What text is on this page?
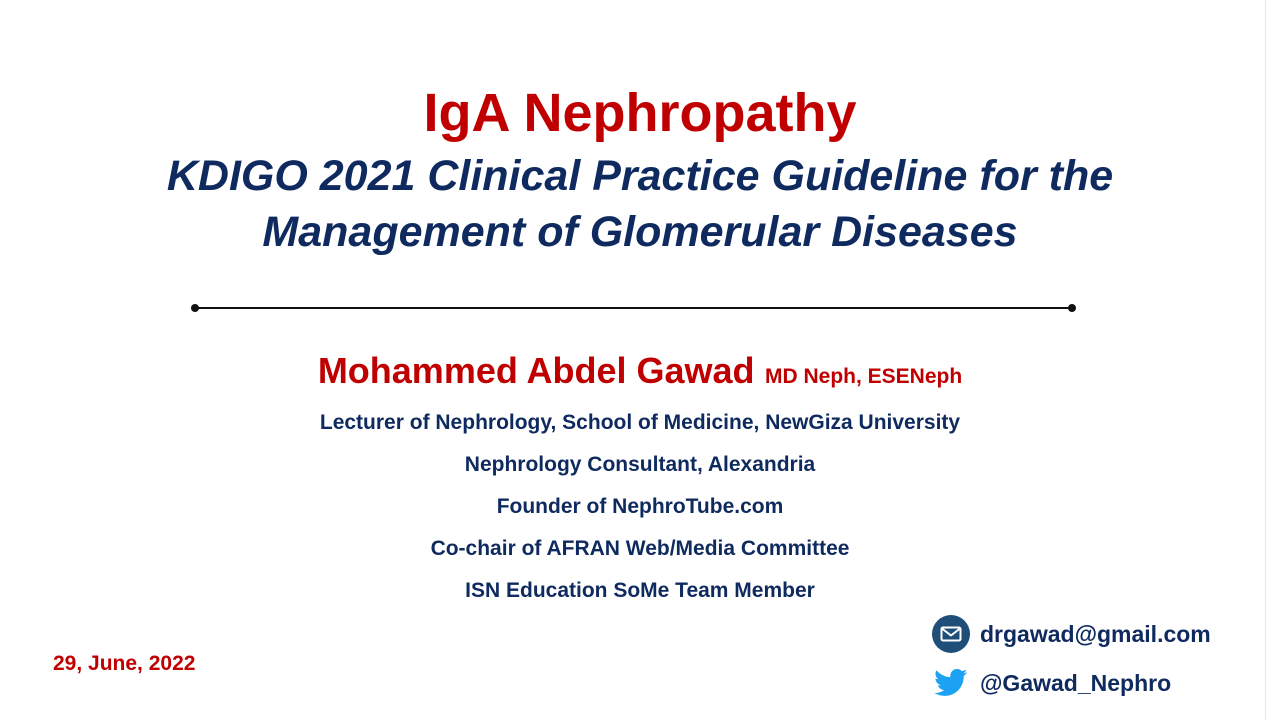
IgA Nephropathy
KDIGO 2021 Clinical Practice Guideline for the
Management of Glomerular Diseases
Mohammed Abdel Gawad MD Neph, ESENeph
Lecturer of Nephrology, School of Medicine, NewGiza University
Nephrology Consultant, Alexandria
Founder of NephroTube.com
Co-chair of AFRAN Web/Media Committee
ISN Education SoMe Team Member
29, June, 2022
drgawad@gmail.com
@Gawad_Nephro
